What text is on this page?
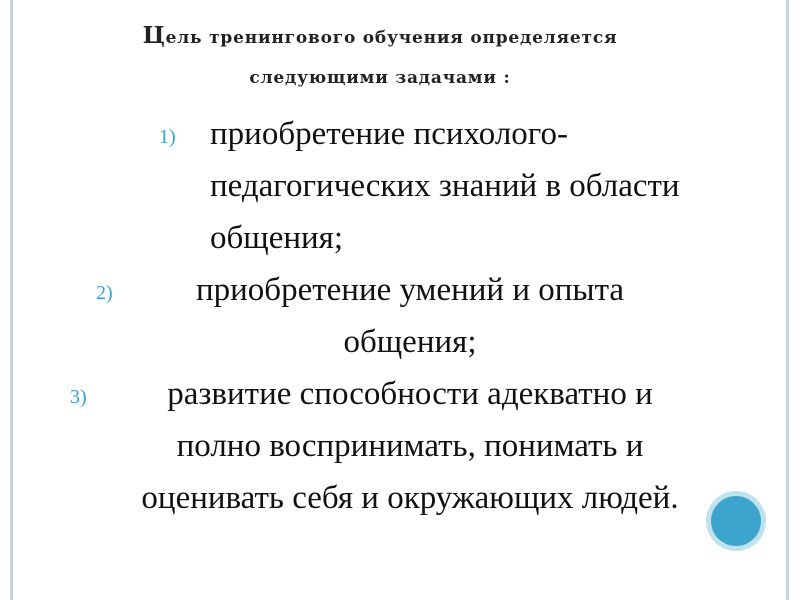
Цель тренингового обучения определяется
следующими задачами :
1)	приобретение психолого-
педагогических знаний в области
общения;
2)	приобретение умений и опыта
общения;
3) развитие способности адекватно и
полно воспринимать, понимать и
оценивать себя и окружающих людей.
